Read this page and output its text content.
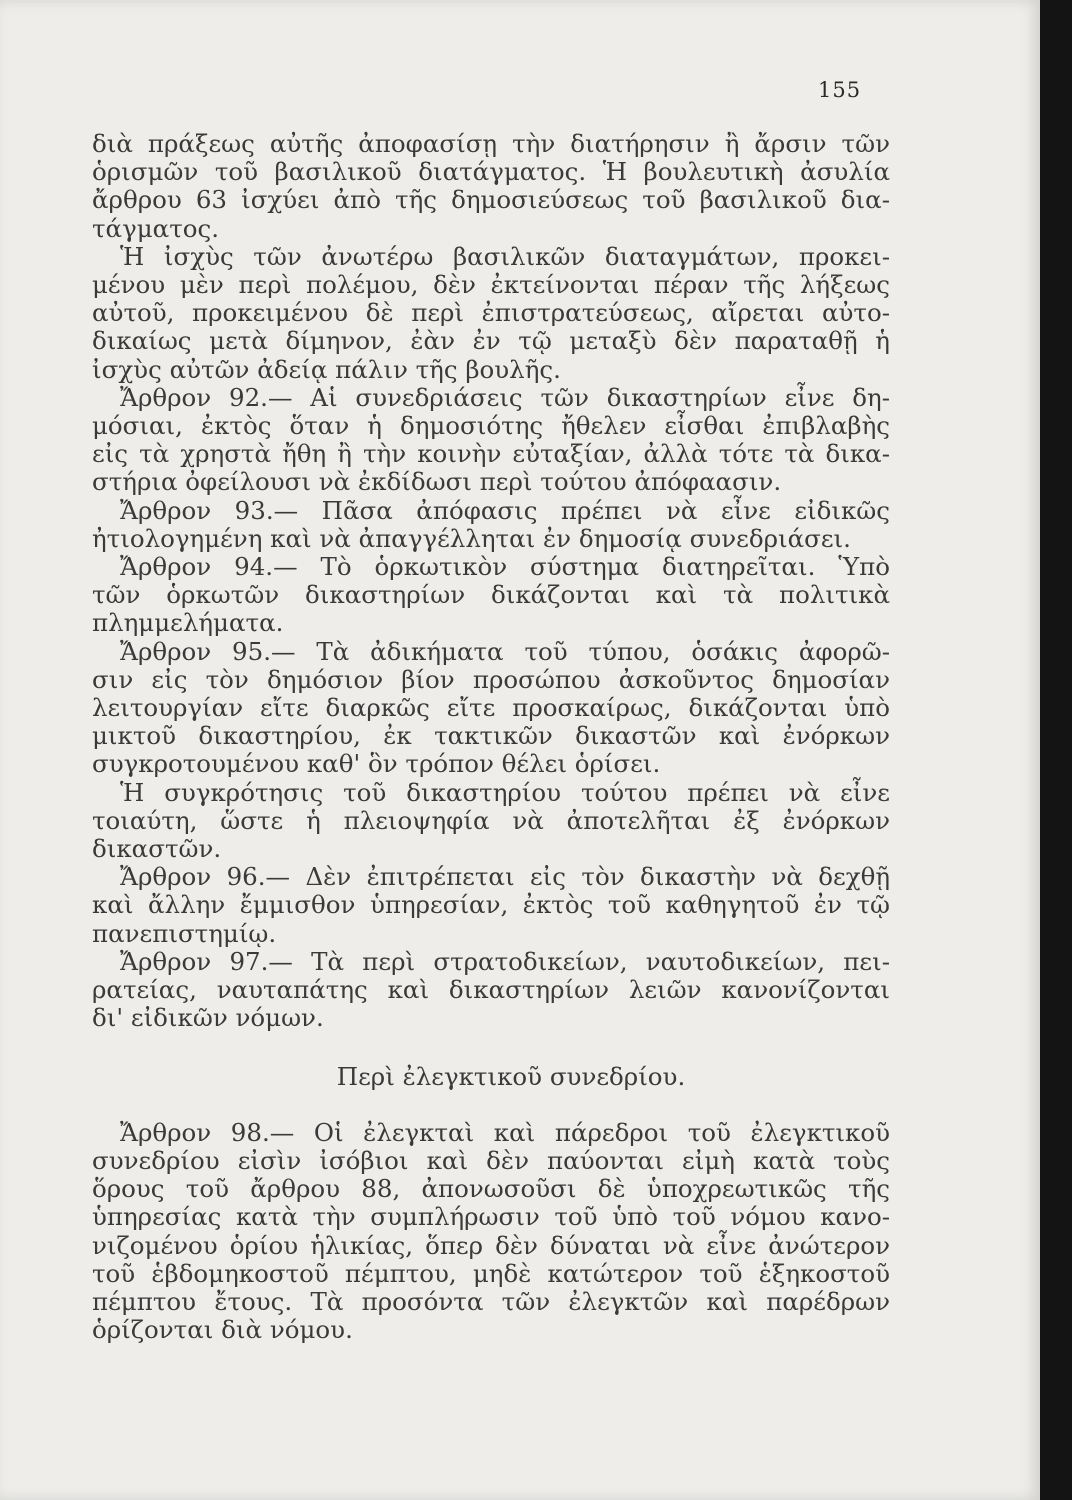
155
διὰ πράξεως αὐτῆς ἀποφασίσῃ τὴν διατήρησιν ἢ ἄρσιν τῶν
ὁρισμῶν τοῦ βασιλικοῦ διατάγματος. Ἡ βουλευτικὴ ἀσυλία
ἄρθρου 63 ἰσχύει ἀπὸ τῆς δημοσιεύσεως τοῦ βασιλικοῦ δια-
τάγματος.
Ἡ ἰσχὺς τῶν ἀνωτέρω βασιλικῶν διαταγμάτων, προκει-
μένου μὲν περὶ πολέμου, δὲν ἐκτείνονται πέραν τῆς λήξεως
αὐτοῦ, προκειμένου δὲ περὶ ἐπιστρατεύσεως, αἴρεται αὐτο-
δικαίως μετὰ δίμηνον, ἐὰν ἐν τῷ μεταξὺ δὲν παραταθῇ ἡ
ἰσχὺς αὐτῶν ἀδείᾳ πάλιν τῆς βουλῆς.
Ἄρθρον 92.— Αἱ συνεδριάσεις τῶν δικαστηρίων εἶνε δη-
μόσιαι, ἐκτὸς ὅταν ἡ δημοσιότης ἤθελεν εἶσθαι ἐπιβλαβὴς
εἰς τὰ χρηστὰ ἤθη ἢ τὴν κοινὴν εὐταξίαν, ἀλλὰ τότε τὰ δικα-
στήρια ὀφείλουσι νὰ ἐκδίδωσι περὶ τούτου ἀπόφαασιν.
Ἄρθρον 93.— Πᾶσα ἀπόφασις πρέπει νὰ εἶνε εἰδικῶς
ἠτιολογημένη καὶ νὰ ἀπαγγέλληται ἐν δημοσίᾳ συνεδριάσει.
Ἄρθρον 94.— Τὸ ὁρκωτικὸν σύστημα διατηρεῖται. Ὑπὸ
τῶν ὁρκωτῶν δικαστηρίων δικάζονται καὶ τὰ πολιτικὰ
πλημμελήματα.
Ἄρθρον 95.— Τὰ ἀδικήματα τοῦ τύπου, ὁσάκις ἀφορῶ-
σιν εἰς τὸν δημόσιον βίον προσώπου ἀσκοῦντος δημοσίαν
λειτουργίαν εἴτε διαρκῶς εἴτε προσκαίρως, δικάζονται ὑπὸ
μικτοῦ δικαστηρίου, ἐκ τακτικῶν δικαστῶν καὶ ἐνόρκων
συγκροτουμένου καθ' ὃν τρόπον θέλει ὁρίσει.
Ἡ συγκρότησις τοῦ δικαστηρίου τούτου πρέπει νὰ εἶνε
τοιαύτη, ὥστε ἡ πλειοψηφία νὰ ἀποτελῆται ἐξ ἐνόρκων
δικαστῶν.
Ἄρθρον 96.— Δὲν ἐπιτρέπεται εἰς τὸν δικαστὴν νὰ δεχθῇ
καὶ ἄλλην ἔμμισθον ὑπηρεσίαν, ἐκτὸς τοῦ καθηγητοῦ ἐν τῷ
πανεπιστημίῳ.
Ἄρθρον 97.— Τὰ περὶ στρατοδικείων, ναυτοδικείων, πει-
ρατείας, ναυταπάτης καὶ δικαστηρίων λειῶν κανονίζονται
δι' εἰδικῶν νόμων.
Περὶ ἐλεγκτικοῦ συνεδρίου.
Ἄρθρον 98.— Οἱ ἐλεγκταὶ καὶ πάρεδροι τοῦ ἐλεγκτικοῦ
συνεδρίου εἰσὶν ἰσόβιοι καὶ δὲν παύονται εἰμὴ κατὰ τοὺς
ὅρους τοῦ ἄρθρου 88, ἀπονωσοῦσι δὲ ὑποχρεωτικῶς τῆς
ὑπηρεσίας κατὰ τὴν συμπλήρωσιν τοῦ ὑπὸ τοῦ νόμου κανο-
νιζομένου ὁρίου ἡλικίας, ὅπερ δὲν δύναται νὰ εἶνε ἀνώτερον
τοῦ ἑβδομηκοστοῦ πέμπτου, μηδὲ κατώτερον τοῦ ἑξηκοστοῦ
πέμπτου ἔτους. Τὰ προσόντα τῶν ἐλεγκτῶν καὶ παρέδρων
ὁρίζονται διὰ νόμου.
